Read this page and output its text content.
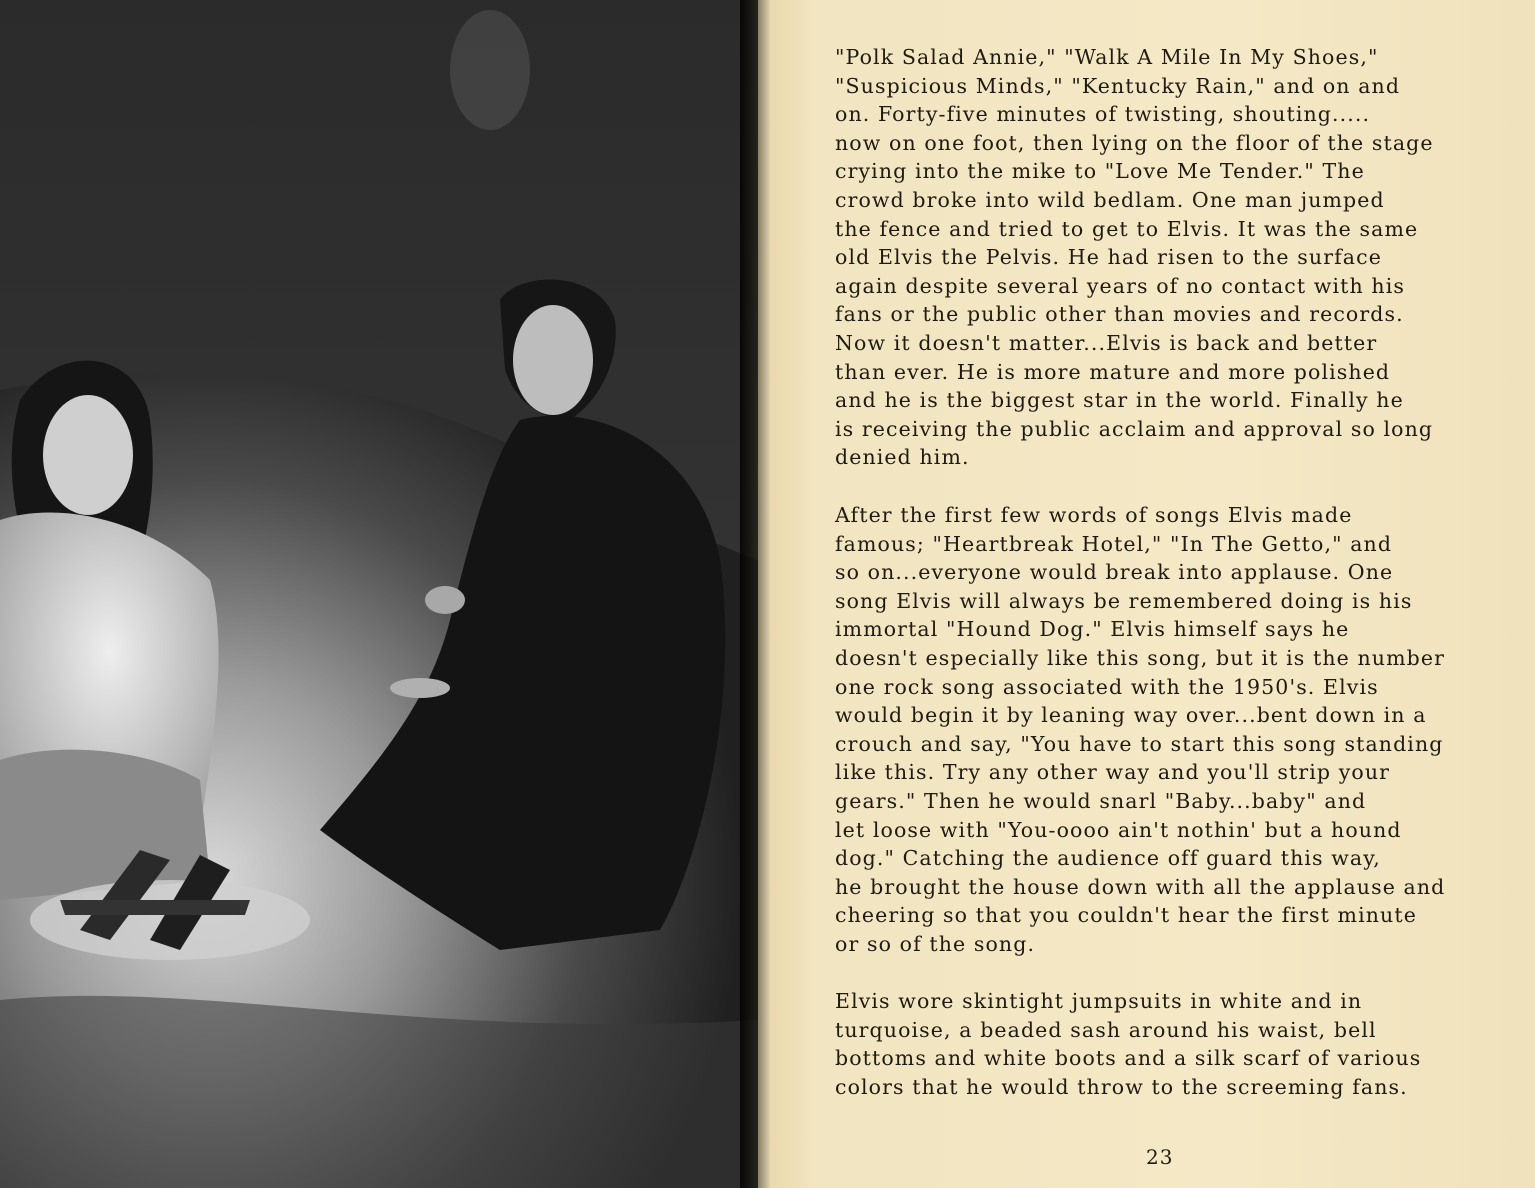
"Polk Salad Annie," "Walk A Mile In My Shoes,"
"Suspicious Minds," "Kentucky Rain," and on and
on. Forty-five minutes of twisting, shouting.....
now on one foot, then lying on the floor of the stage
crying into the mike to "Love Me Tender." The
crowd broke into wild bedlam. One man jumped
the fence and tried to get to Elvis. It was the same
old Elvis the Pelvis. He had risen to the surface
again despite several years of no contact with his
fans or the public other than movies and records.
Now it doesn't matter...Elvis is back and better
than ever. He is more mature and more polished
and he is the biggest star in the world. Finally he
is receiving the public acclaim and approval so long
denied him.

After the first few words of songs Elvis made
famous; "Heartbreak Hotel," "In The Getto," and
so on...everyone would break into applause. One
song Elvis will always be remembered doing is his
immortal "Hound Dog." Elvis himself says he
doesn't especially like this song, but it is the number
one rock song associated with the 1950's. Elvis
would begin it by leaning way over...bent down in a
crouch and say, "You have to start this song standing
like this. Try any other way and you'll strip your
gears." Then he would snarl "Baby...baby" and
let loose with "You-oooo ain't nothin' but a hound
dog." Catching the audience off guard this way,
he brought the house down with all the applause and
cheering so that you couldn't hear the first minute
or so of the song.

Elvis wore skintight jumpsuits in white and in
turquoise, a beaded sash around his waist, bell
bottoms and white boots and a silk scarf of various
colors that he would throw to the screeming fans.

23
